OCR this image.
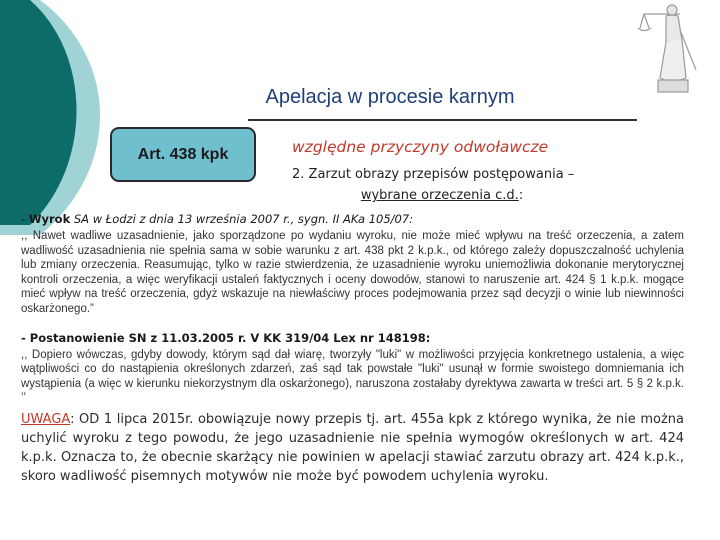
Apelacja w procesie karnym
Art. 438 kpk	względne przyczyny odwoławcze
2. Zarzut obrazy przepisów postępowania –

wybrane orzeczenia c.d.:

- Wyrok SA w Łodzi z dnia 13 września 2007 r., sygn. II AKa 105/07:

,, Nawet wadliwe uzasadnienie, jako sporządzone po wydaniu wyroku, nie może mieć wpływu na treść orzeczenia, a zatem wadliwość uzasadnienia nie spełnia sama w sobie warunku z art. 438 pkt 2 k.p.k., od którego zależy dopuszczalność uchylenia lub zmiany orzeczenia. Reasumując, tylko w razie stwierdzenia, że uzasadnienie wyroku uniemożliwia dokonanie merytorycznej kontroli orzeczenia, a więc weryfikacji ustaleń faktycznych i oceny dowodów, stanowi to naruszenie art. 424 § 1 k.p.k. mogące mieć wpływ na treść orzeczenia, gdyż wskazuje na niewłaściwy proces podejmowania przez sąd decyzji o winie lub niewinności oskarżonego.”

- Postanowienie SN z 11.03.2005 r. V KK 319/04 Lex nr 148198:

,, Dopiero wówczas, gdyby dowody, którym sąd dał wiarę, tworzyły "luki" w możliwości przyjęcia konkretnego ustalenia, a więc wątpliwości co do nastąpienia określonych zdarzeń, zaś sąd tak powstałe "luki" usunął w formie swoistego domniemania ich wystąpienia (a więc w kierunku niekorzystnym dla oskarżonego), naruszona zostałaby dyrektywa zawarta w treści art. 5 § 2 k.p.k. ’’

UWAGA: OD 1 lipca 2015r. obowiązuje nowy przepis tj. art. 455a kpk z którego wynika, że nie można uchylić wyroku z tego powodu, że jego uzasadnienie nie spełnia wymogów określonych w art. 424 k.p.k. Oznacza to, że obecnie skarżący nie powinien w apelacji stawiać zarzutu obrazy art. 424 k.p.k., skoro wadliwość pisemnych motywów nie może być powodem uchylenia wyroku.
